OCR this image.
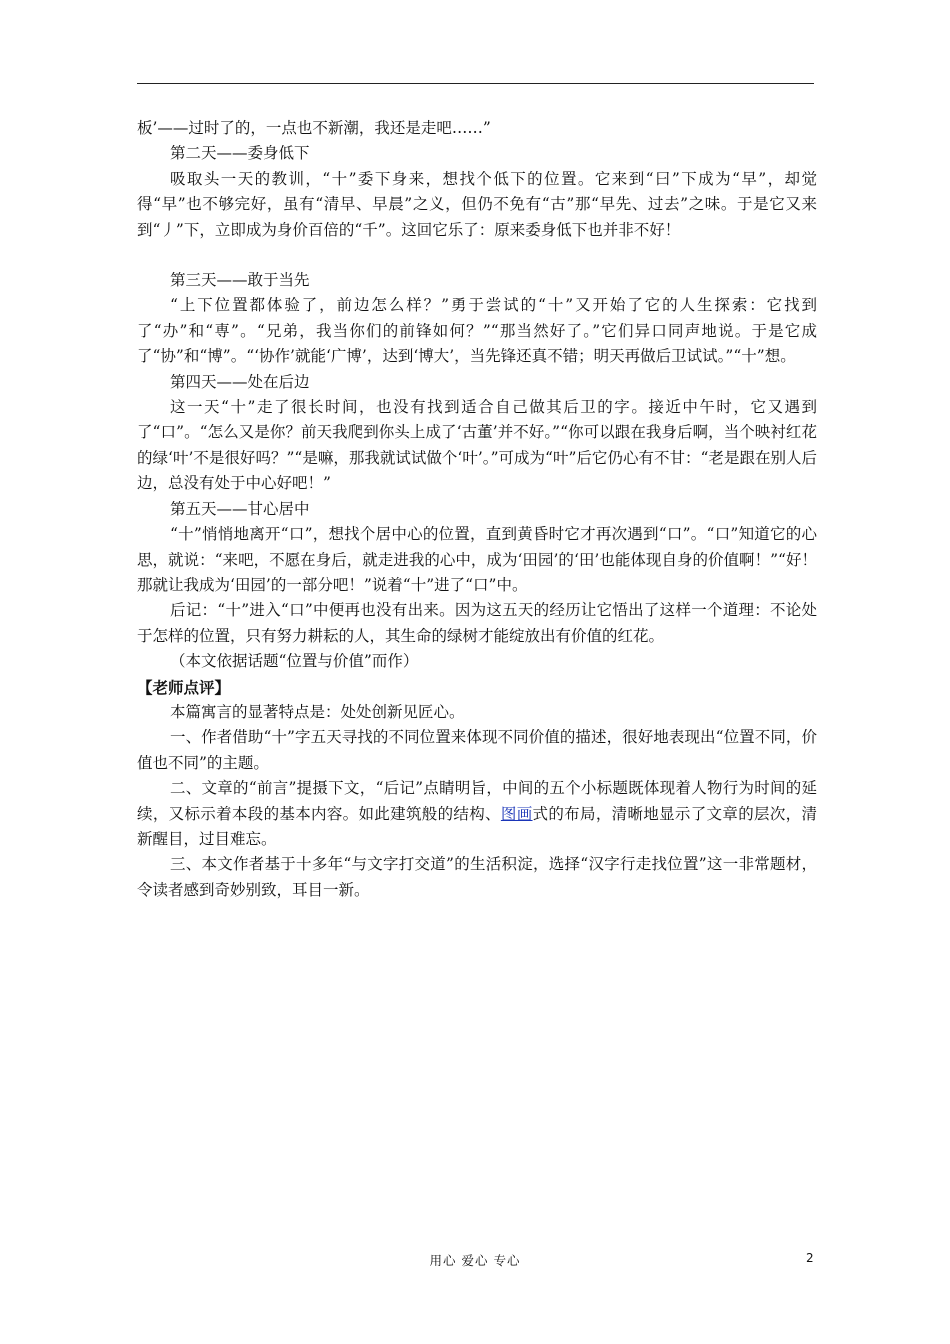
板’——过时了的，一点也不新潮，我还是走吧……”

第二天——委身低下

吸取头一天的教训，“十”委下身来，想找个低下的位置。它来到“曰”下成为“早”，却觉得“早”也不够完好，虽有“清早、早晨”之义，但仍不免有“古”那“早先、过去”之味。于是它又来到“丿”下，立即成为身价百倍的“千”。这回它乐了：原来委身低下也并非不好！

第三天——敢于当先

“上下位置都体验了，前边怎么样？”勇于尝试的“十”又开始了它的人生探索：它找到了“办”和“専”。“兄弟，我当你们的前锋如何？”“那当然好了。”它们异口同声地说。于是它成了“协”和“博”。“‘协作’就能‘广博’，达到‘博大’，当先锋还真不错；明天再做后卫试试。”“十”想。

第四天——处在后边

这一天“十”走了很长时间，也没有找到适合自己做其后卫的字。接近中午时，它又遇到了“口”。“怎么又是你？前天我爬到你头上成了‘古董’并不好。”“你可以跟在我身后啊，当个映衬红花的绿‘叶’不是很好吗？”“是嘛，那我就试试做个‘叶’。”可成为“叶”后它仍心有不甘：“老是跟在别人后边，总没有处于中心好吧！”

第五天——甘心居中

“十”悄悄地离开“口”，想找个居中心的位置，直到黄昏时它才再次遇到“口”。“口”知道它的心思，就说：“来吧，不愿在身后，就走进我的心中，成为‘田园’的‘田’也能体现自身的价值啊！”“好！那就让我成为‘田园’的一部分吧！”说着“十”进了“口”中。

后记：“十”进入“口”中便再也没有出来。因为这五天的经历让它悟出了这样一个道理：不论处于怎样的位置，只有努力耕耘的人，其生命的绿树才能绽放出有价值的红花。

（本文依据话题“位置与价值”而作）

【老师点评】

本篇寓言的显著特点是：处处创新见匠心。

一、作者借助“十”字五天寻找的不同位置来体现不同价值的描述，很好地表现出“位置不同，价值也不同”的主题。

二、文章的“前言”提摄下文，“后记”点睛明旨，中间的五个小标题既体现着人物行为时间的延续，又标示着本段的基本内容。如此建筑般的结构、图画式的布局，清晰地显示了文章的层次，清新醒目，过目难忘。

三、本文作者基于十多年“与文字打交道”的生活积淀，选择“汉字行走找位置”这一非常题材，令读者感到奇妙别致，耳目一新。

用心 爱心 专心	2
